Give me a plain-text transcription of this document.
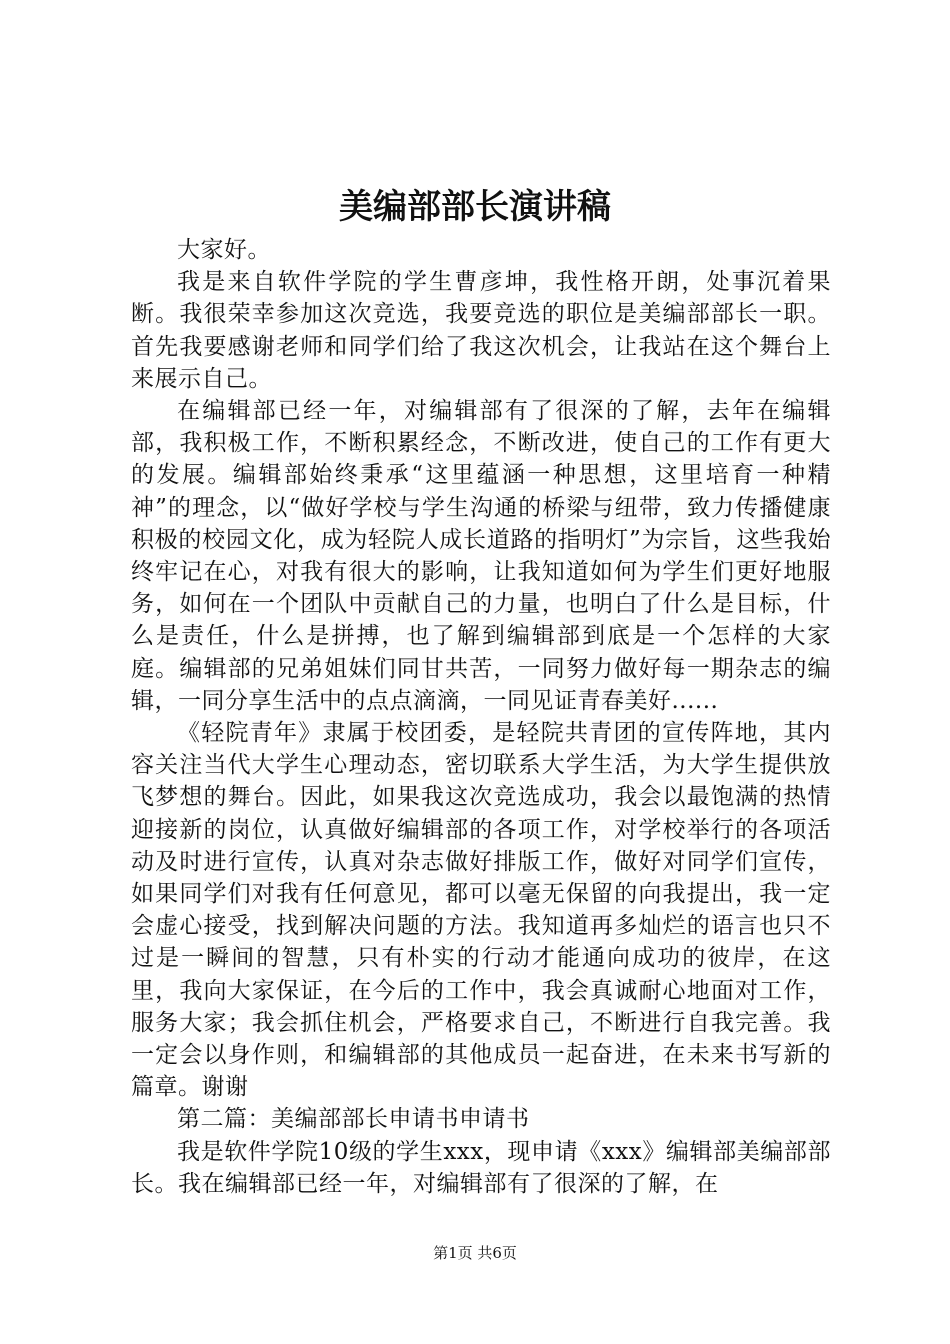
美编部部长演讲稿

大家好。

我是来自软件学院的学生曹彦坤，我性格开朗，处事沉着果断。我很荣幸参加这次竞选，我要竞选的职位是美编部部长一职。首先我要感谢老师和同学们给了我这次机会，让我站在这个舞台上来展示自己。

在编辑部已经一年，对编辑部有了很深的了解，去年在编辑部，我积极工作，不断积累经念，不断改进，使自己的工作有更大的发展。编辑部始终秉承“这里蕴涵一种思想，这里培育一种精神”的理念，以“做好学校与学生沟通的桥梁与纽带，致力传播健康积极的校园文化，成为轻院人成长道路的指明灯”为宗旨，这些我始终牢记在心，对我有很大的影响，让我知道如何为学生们更好地服务，如何在一个团队中贡献自己的力量，也明白了什么是目标，什么是责任，什么是拼搏，也了解到编辑部到底是一个怎样的大家庭。编辑部的兄弟姐妹们同甘共苦，一同努力做好每一期杂志的编辑，一同分享生活中的点点滴滴，一同见证青春美好......

《轻院青年》隶属于校团委，是轻院共青团的宣传阵地，其内容关注当代大学生心理动态，密切联系大学生活，为大学生提供放飞梦想的舞台。因此，如果我这次竞选成功，我会以最饱满的热情迎接新的岗位，认真做好编辑部的各项工作，对学校举行的各项活动及时进行宣传，认真对杂志做好排版工作，做好对同学们宣传，如果同学们对我有任何意见，都可以毫无保留的向我提出，我一定会虚心接受，找到解决问题的方法。我知道再多灿烂的语言也只不过是一瞬间的智慧，只有朴实的行动才能通向成功的彼岸，在这里，我向大家保证，在今后的工作中，我会真诚耐心地面对工作，服务大家；我会抓住机会，严格要求自己，不断进行自我完善。我一定会以身作则，和编辑部的其他成员一起奋进，在未来书写新的篇章。谢谢

第二篇：美编部部长申请书申请书

我是软件学院10级的学生xxx，现申请《xxx》编辑部美编部部长。我在编辑部已经一年，对编辑部有了很深的了解，在

第1页 共6页
